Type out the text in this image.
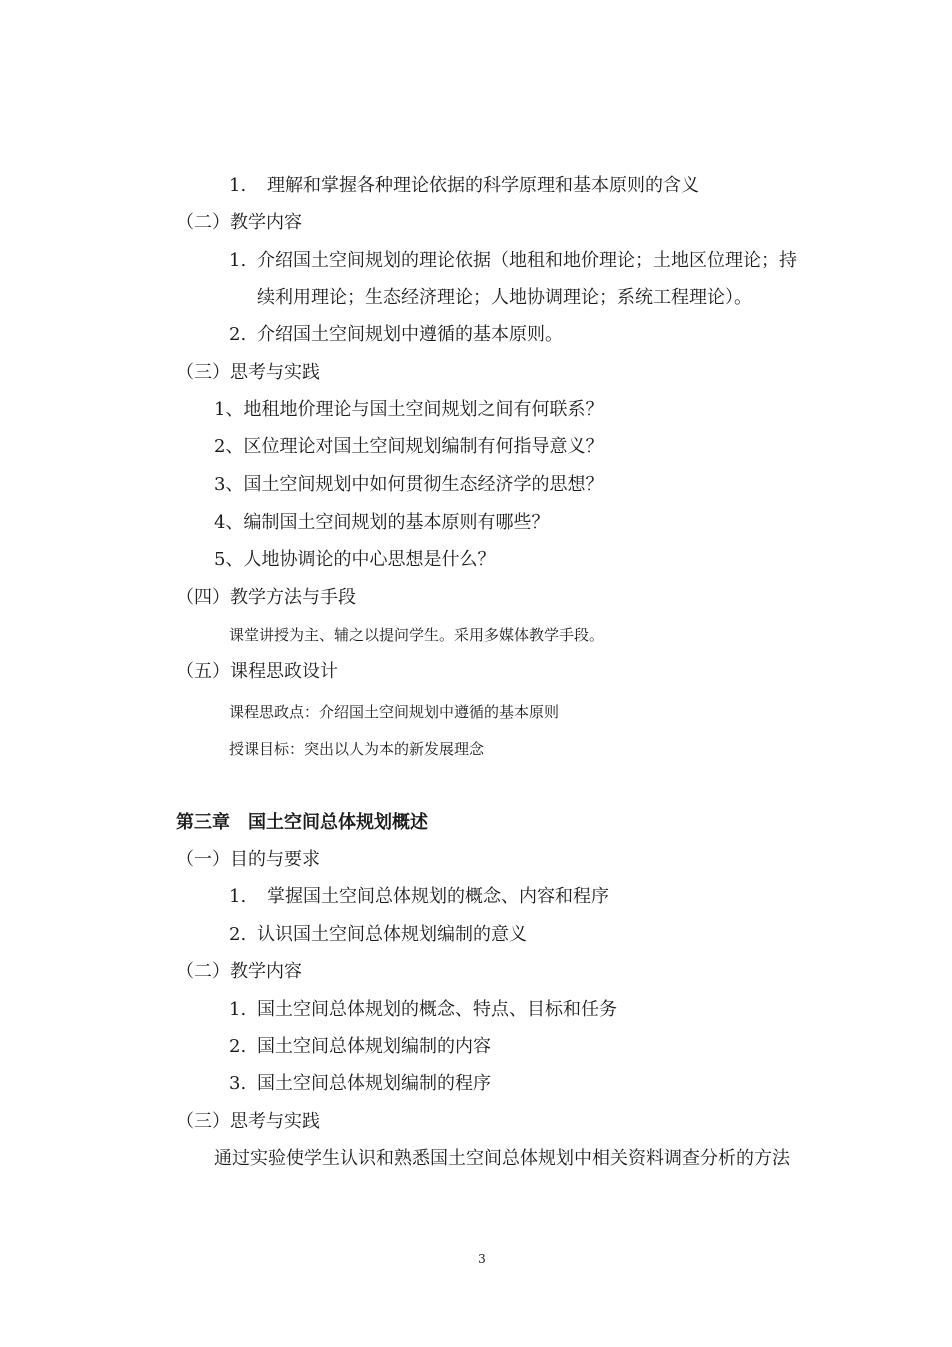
1. 理解和掌握各种理论依据的科学原理和基本原则的含义
（二）教学内容
1. 介绍国土空间规划的理论依据（地租和地价理论；土地区位理论；持
续利用理论；生态经济理论；人地协调理论；系统工程理论）。
2. 介绍国土空间规划中遵循的基本原则。
（三）思考与实践
1、地租地价理论与国土空间规划之间有何联系？
2、区位理论对国土空间规划编制有何指导意义？
3、国土空间规划中如何贯彻生态经济学的思想？
4、编制国土空间规划的基本原则有哪些？
5、人地协调论的中心思想是什么？
（四）教学方法与手段
课堂讲授为主、辅之以提问学生。采用多媒体教学手段。
（五）课程思政设计
课程思政点：介绍国土空间规划中遵循的基本原则
授课目标：突出以人为本的新发展理念
第三章　国土空间总体规划概述
（一）目的与要求
1. 掌握国土空间总体规划的概念、内容和程序
2. 认识国土空间总体规划编制的意义
（二）教学内容
1. 国土空间总体规划的概念、特点、目标和任务
2. 国土空间总体规划编制的内容
3. 国土空间总体规划编制的程序
（三）思考与实践
通过实验使学生认识和熟悉国土空间总体规划中相关资料调查分析的方法
3
